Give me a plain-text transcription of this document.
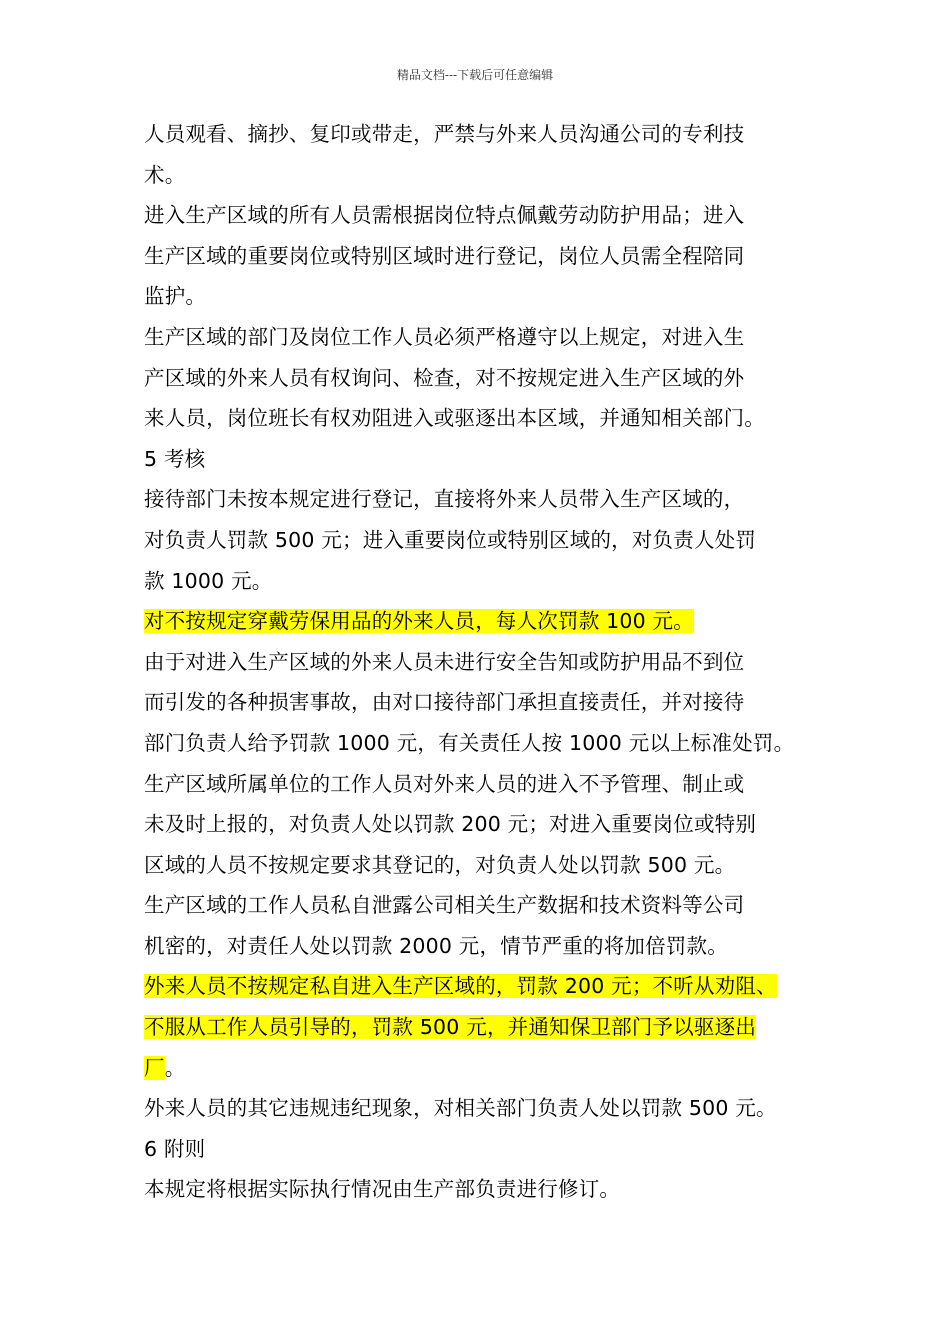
精品文档---下载后可任意编辑
人员观看、摘抄、复印或带走，严禁与外来人员沟通公司的专利技
术。
进入生产区域的所有人员需根据岗位特点佩戴劳动防护用品；进入
生产区域的重要岗位或特别区域时进行登记，岗位人员需全程陪同
监护。
生产区域的部门及岗位工作人员必须严格遵守以上规定，对进入生
产区域的外来人员有权询问、检查，对不按规定进入生产区域的外
来人员，岗位班长有权劝阻进入或驱逐出本区域，并通知相关部门。
5 考核
接待部门未按本规定进行登记，直接将外来人员带入生产区域的，
对负责人罚款 500 元；进入重要岗位或特别区域的，对负责人处罚
款 1000 元。
对不按规定穿戴劳保用品的外来人员，每人次罚款 100 元。
由于对进入生产区域的外来人员未进行安全告知或防护用品不到位
而引发的各种损害事故，由对口接待部门承担直接责任，并对接待
部门负责人给予罚款 1000 元，有关责任人按 1000 元以上标准处罚。
生产区域所属单位的工作人员对外来人员的进入不予管理、制止或
未及时上报的，对负责人处以罚款 200 元；对进入重要岗位或特别
区域的人员不按规定要求其登记的，对负责人处以罚款 500 元。
生产区域的工作人员私自泄露公司相关生产数据和技术资料等公司
机密的，对责任人处以罚款 2000 元，情节严重的将加倍罚款。
外来人员不按规定私自进入生产区域的，罚款 200 元；不听从劝阻、
不服从工作人员引导的，罚款 500 元，并通知保卫部门予以驱逐出
厂。
外来人员的其它违规违纪现象，对相关部门负责人处以罚款 500 元。
6 附则
本规定将根据实际执行情况由生产部负责进行修订。
